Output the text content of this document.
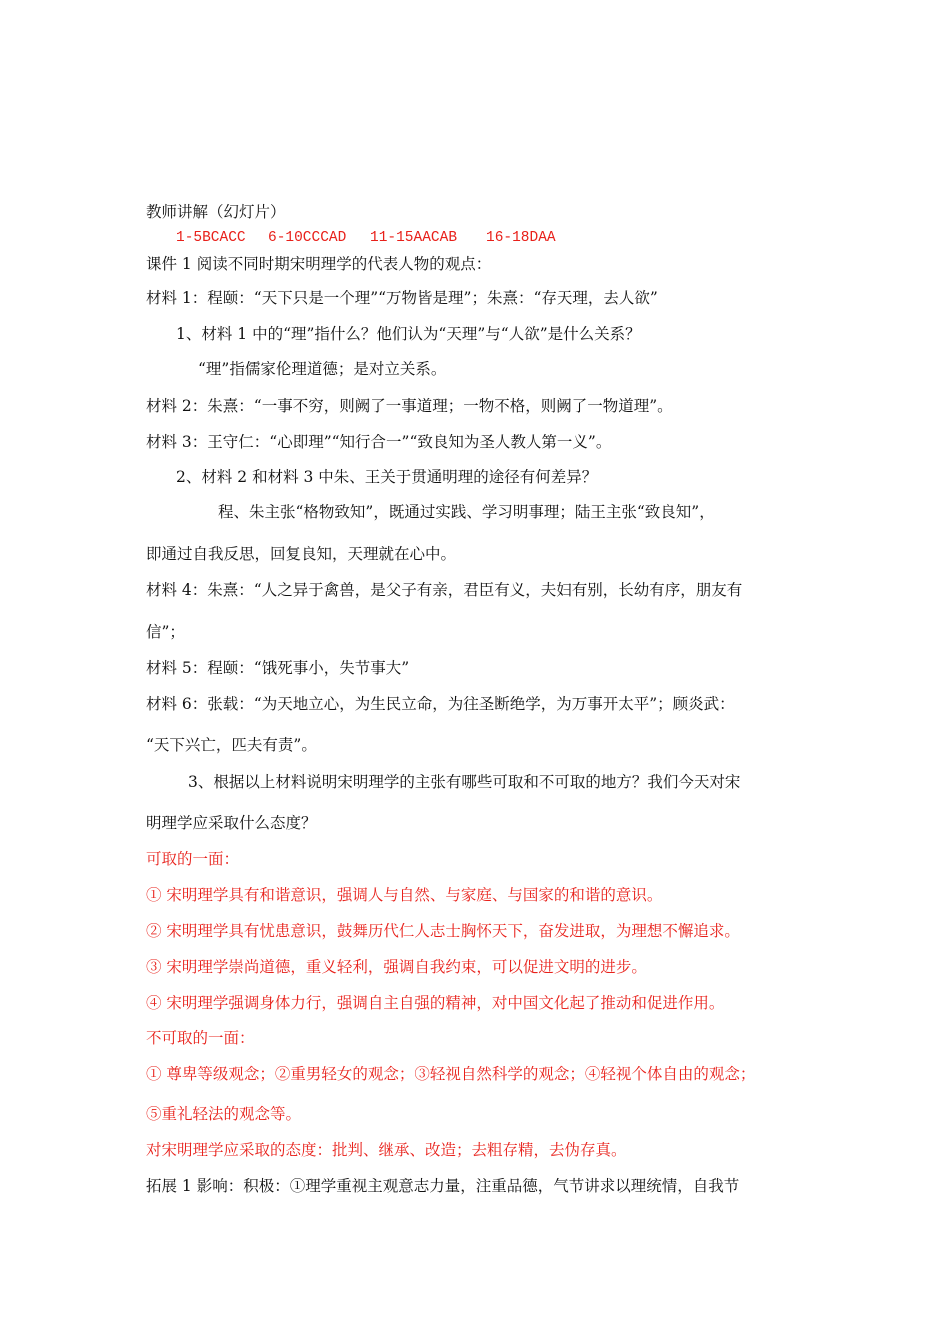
教师讲解（幻灯片）
1-5BCACC 6-10CCCAD 11-15AACAB 16-18DAA
课件 1 阅读不同时期宋明理学的代表人物的观点：
材料 1：程颐：“天下只是一个理”“万物皆是理”；朱熹：“存天理，去人欲”
1、材料 1 中的“理”指什么？他们认为“天理”与“人欲”是什么关系？
“理”指儒家伦理道德；是对立关系。
材料 2：朱熹：“一事不穷，则阙了一事道理；一物不格，则阙了一物道理”。
材料 3：王守仁：“心即理”“知行合一”“致良知为圣人教人第一义”。
2、材料 2 和材料 3 中朱、王关于贯通明理的途径有何差异？
程、朱主张“格物致知”，既通过实践、学习明事理；陆王主张“致良知”，
即通过自我反思，回复良知，天理就在心中。
材料 4：朱熹：“人之异于禽兽，是父子有亲，君臣有义，夫妇有别，长幼有序，朋友有
信”；
材料 5：程颐：“饿死事小，失节事大”
材料 6：张载：“为天地立心，为生民立命，为往圣断绝学，为万事开太平”；顾炎武：
“天下兴亡，匹夫有责”。
3、根据以上材料说明宋明理学的主张有哪些可取和不可取的地方？我们今天对宋
明理学应采取什么态度？
可取的一面：
① 宋明理学具有和谐意识，强调人与自然、与家庭、与国家的和谐的意识。
② 宋明理学具有忧患意识，鼓舞历代仁人志士胸怀天下，奋发进取，为理想不懈追求。
③ 宋明理学崇尚道德，重义轻利，强调自我约束，可以促进文明的进步。
④ 宋明理学强调身体力行，强调自主自强的精神，对中国文化起了推动和促进作用。
不可取的一面：
① 尊卑等级观念；②重男轻女的观念；③轻视自然科学的观念；④轻视个体自由的观念；
⑤重礼轻法的观念等。
对宋明理学应采取的态度：批判、继承、改造；去粗存精，去伪存真。
拓展 1 影响：积极：①理学重视主观意志力量，注重品德，气节讲求以理统情，自我节
